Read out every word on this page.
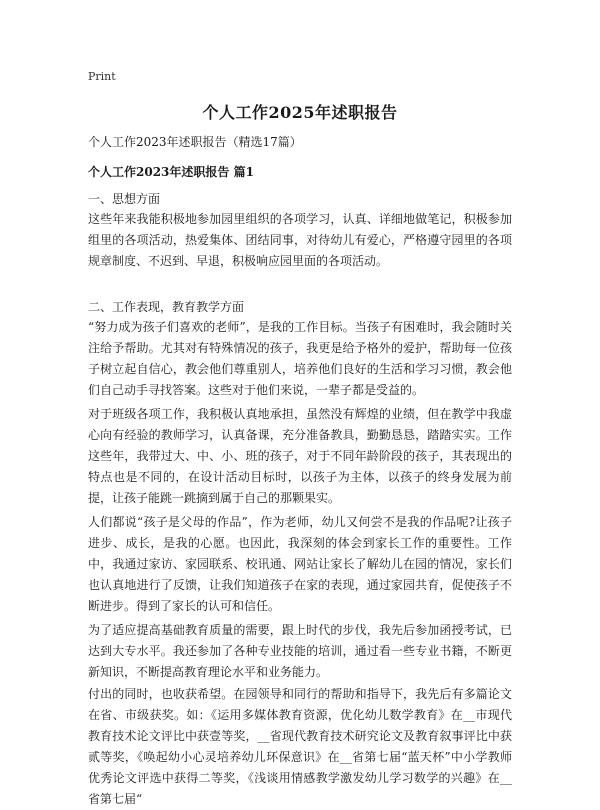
Print
个人工作2025年述职报告
个人工作2023年述职报告（精选17篇）
个人工作2023年述职报告 篇1
一、思想方面
这些年来我能积极地参加园里组织的各项学习，认真、详细地做笔记，积极参加组里的各项活动，热爱集体、团结同事，对待幼儿有爱心，严格遵守园里的各项规章制度、不迟到、早退，积极响应园里面的各项活动。
二、工作表现，教育教学方面
“努力成为孩子们喜欢的老师”，是我的工作目标。当孩子有困难时，我会随时关注给予帮助。尤其对有特殊情况的孩子，我更是给予格外的爱护，帮助每一位孩子树立起自信心，教会他们尊重别人，培养他们良好的生活和学习习惯，教会他们自己动手寻找答案。这些对于他们来说，一辈子都是受益的。
对于班级各项工作，我积极认真地承担，虽然没有辉煌的业绩，但在教学中我虚心向有经验的教师学习，认真备课，充分准备教具，勤勤恳恳，踏踏实实。工作这些年，我带过大、中、小、班的孩子，对于不同年龄阶段的孩子，其表现出的特点也是不同的，在设计活动目标时，以孩子为主体，以孩子的终身发展为前提，让孩子能跳一跳摘到属于自己的那颗果实。
人们都说“孩子是父母的作品”，作为老师，幼儿又何尝不是我的作品呢?让孩子进步、成长，是我的心愿。也因此，我深刻的体会到家长工作的重要性。工作中，我通过家访、家园联系、校讯通、网站让家长了解幼儿在园的情况，家长们也认真地进行了反馈，让我们知道孩子在家的表现，通过家园共育，促使孩子不断进步。得到了家长的认可和信任。
为了适应提高基础教育质量的需要，跟上时代的步伐，我先后参加函授考试，已达到大专水平。我还参加了各种专业技能的培训，通过看一些专业书籍，不断更新知识，不断提高教育理论水平和业务能力。
付出的同时，也收获希望。在园领导和同行的帮助和指导下，我先后有多篇论文在省、市级获奖。如：《运用多媒体教育资源，优化幼儿数学教育》在__市现代教育技术论文评比中获壹等奖，__省现代教育技术研究论文及教育叙事评比中获贰等奖，《唤起幼小心灵培养幼儿环保意识》在__省第七届“蓝天杯”中小学教师优秀论文评选中获得二等奖，《浅谈用情感教学激发幼儿学习数学的兴趣》在__省第七届“
